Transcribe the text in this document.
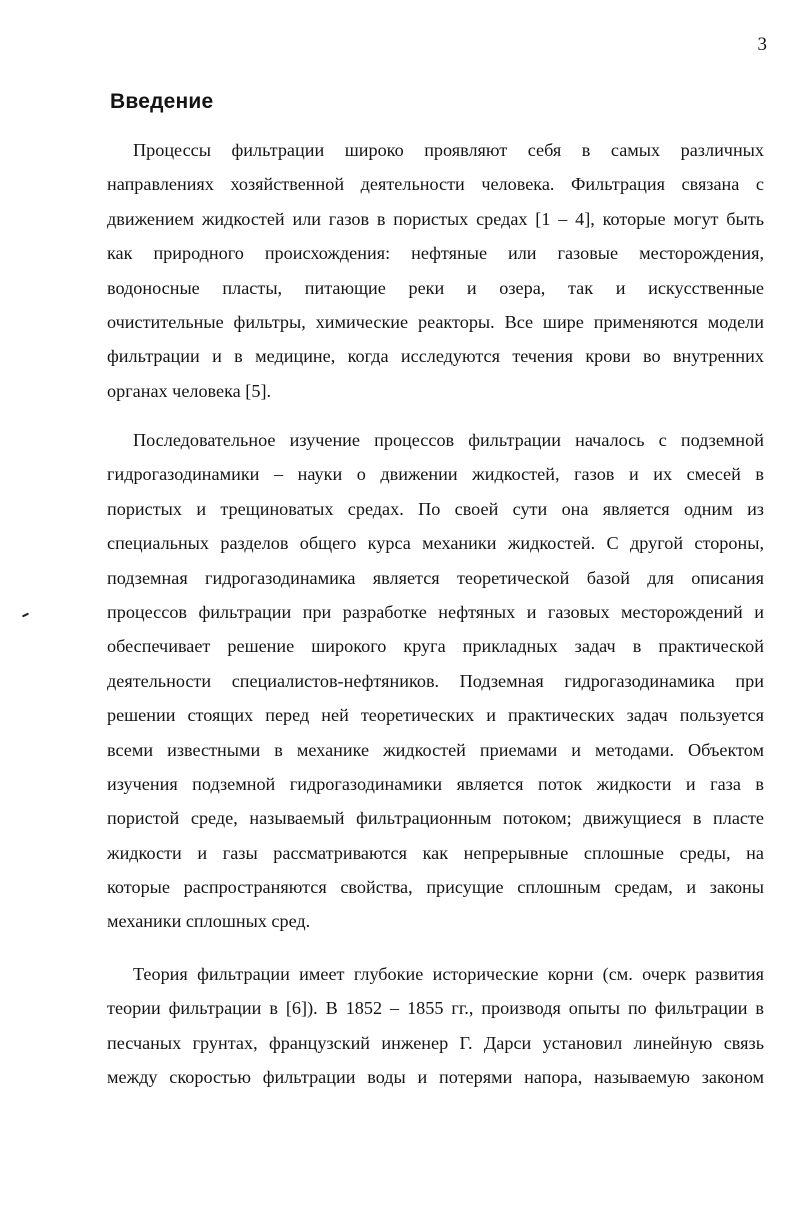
3
Введение
Процессы фильтрации широко проявляют себя в самых различных
направлениях хозяйственной деятельности человека. Фильтрация связана с
движением жидкостей или газов в пористых средах [1 – 4], которые могут быть
как природного происхождения: нефтяные или газовые месторождения,
водоносные пласты, питающие реки и озера, так и искусственные
очистительные фильтры, химические реакторы. Все шире применяются модели
фильтрации и в медицине, когда исследуются течения крови во внутренних
органах человека [5].
Последовательное изучение процессов фильтрации началось с подземной
гидрогазодинамики – науки о движении жидкостей, газов и их смесей в
пористых и трещиноватых средах. По своей сути она является одним из
специальных разделов общего курса механики жидкостей. С другой стороны,
подземная гидрогазодинамика является теоретической базой для описания
процессов фильтрации при разработке нефтяных и газовых месторождений и
обеспечивает решение широкого круга прикладных задач в практической
деятельности специалистов-нефтяников. Подземная гидрогазодинамика при
решении стоящих перед ней теоретических и практических задач пользуется
всеми известными в механике жидкостей приемами и методами. Объектом
изучения подземной гидрогазодинамики является поток жидкости и газа в
пористой среде, называемый фильтрационным потоком; движущиеся в пласте
жидкости и газы рассматриваются как непрерывные сплошные среды, на
которые распространяются свойства, присущие сплошным средам, и законы
механики сплошных сред.
Теория фильтрации имеет глубокие исторические корни (см. очерк развития
теории фильтрации в [6]). В 1852 – 1855 гг., производя опыты по фильтрации в
песчаных грунтах, французский инженер Г. Дарси установил линейную связь
между скоростью фильтрации воды и потерями напора, называемую законом
